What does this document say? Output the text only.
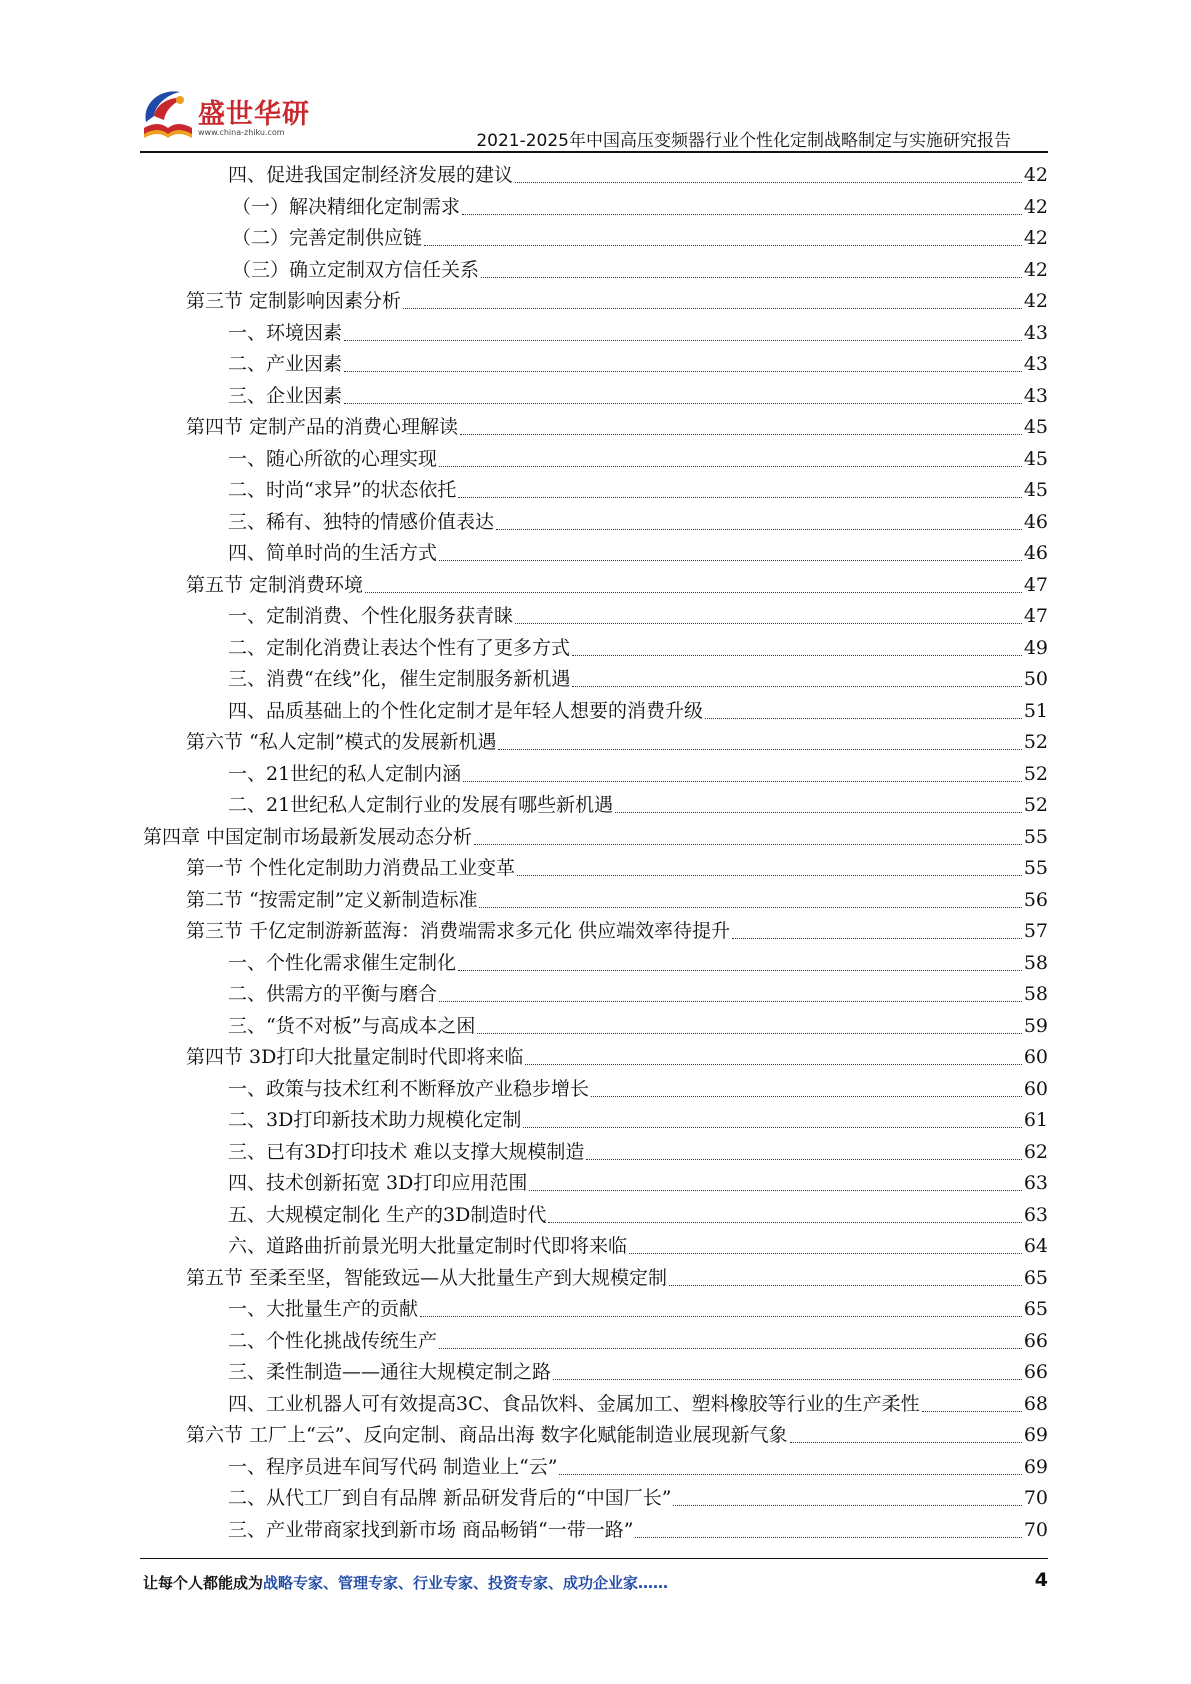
盛世华研
www.china-zhiku.com	2021-2025年中国高压变频器行业个性化定制战略制定与实施研究报告
四、促进我国定制经济发展的建议	42
（一）解决精细化定制需求	42
（二）完善定制供应链	42
（三）确立定制双方信任关系	42
第三节 定制影响因素分析	42
一、环境因素	43
二、产业因素	43
三、企业因素	43
第四节 定制产品的消费心理解读	45
一、随心所欲的心理实现	45
二、时尚“求异”的状态依托	45
三、稀有、独特的情感价值表达	46
四、简单时尚的生活方式	46
第五节 定制消费环境	47
一、定制消费、个性化服务获青睐	47
二、定制化消费让表达个性有了更多方式	49
三、消费“在线”化，催生定制服务新机遇	50
四、品质基础上的个性化定制才是年轻人想要的消费升级	51
第六节 “私人定制”模式的发展新机遇	52
一、21世纪的私人定制内涵	52
二、21世纪私人定制行业的发展有哪些新机遇	52
第四章 中国定制市场最新发展动态分析	55
第一节 个性化定制助力消费品工业变革	55
第二节 “按需定制”定义新制造标准	56
第三节 千亿定制游新蓝海：消费端需求多元化 供应端效率待提升	57
一、个性化需求催生定制化	58
二、供需方的平衡与磨合	58
三、“货不对板”与高成本之困	59
第四节 3D打印大批量定制时代即将来临	60
一、政策与技术红利不断释放产业稳步增长	60
二、3D打印新技术助力规模化定制	61
三、已有3D打印技术 难以支撑大规模制造	62
四、技术创新拓宽 3D打印应用范围	63
五、大规模定制化 生产的3D制造时代	63
六、道路曲折前景光明大批量定制时代即将来临	64
第五节 至柔至坚，智能致远—从大批量生产到大规模定制	65
一、大批量生产的贡献	65
二、个性化挑战传统生产	66
三、柔性制造——通往大规模定制之路	66
四、工业机器人可有效提高3C、食品饮料、金属加工、塑料橡胶等行业的生产柔性	68
第六节 工厂上“云”、反向定制、商品出海 数字化赋能制造业展现新气象	69
一、程序员进车间写代码 制造业上“云”	69
二、从代工厂到自有品牌 新品研发背后的“中国厂长”	70
三、产业带商家找到新市场 商品畅销“一带一路”	70
让每个人都能成为战略专家、管理专家、行业专家、投资专家、成功企业家……	4
